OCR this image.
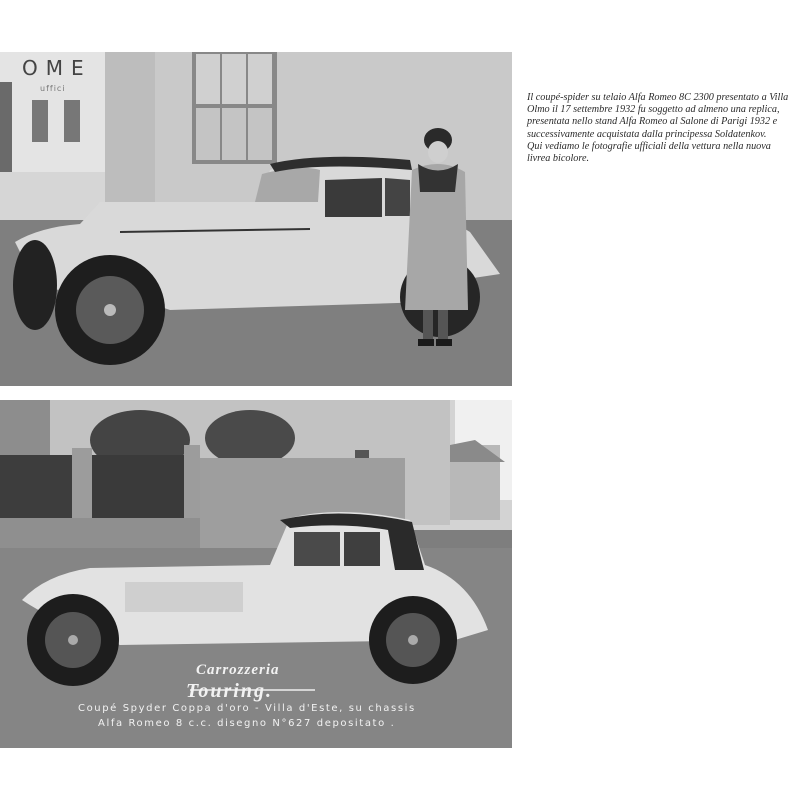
OME
uffici
Carrozzeria
Touring.
Coupé Spyder Coppa d'oro - Villa d'Este, su chassis
Alfa Romeo 8 c.c. disegno N°627 depositato .

Il coupé-spider su telaio Alfa Romeo 8C 2300 presentato a Villa Olmo il 17 settembre 1932 fu soggetto ad almeno una replica, presentata nello stand Alfa Romeo al Salone di Parigi 1932 e successivamente acquistata dalla principessa Soldatenkov.

Qui vediamo le fotografie ufficiali della vettura nella nuova livrea bicolore.
